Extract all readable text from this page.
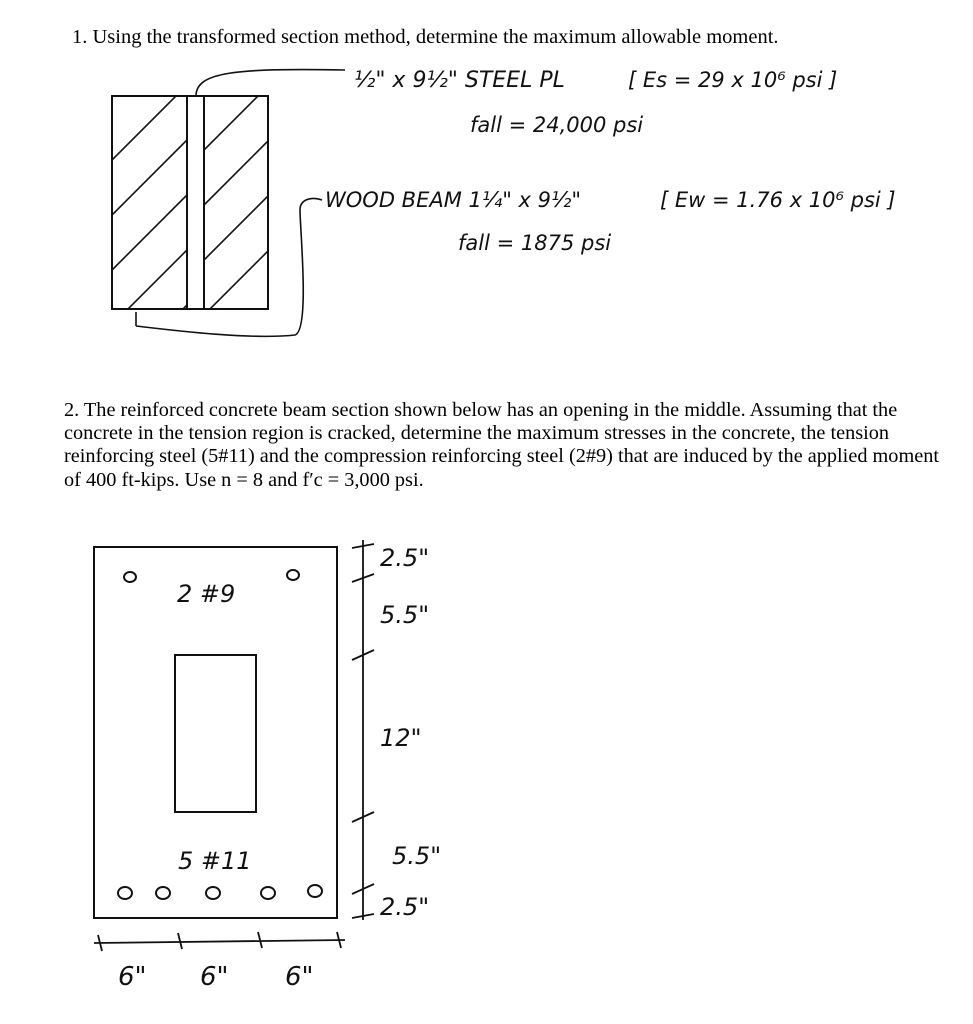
1. Using the transformed section method, determine the maximum allowable moment.
½" x 9½" STEEL PL	[ Es = 29 x 10⁶ psi ]
fall = 24,000 psi
WOOD BEAM 1¼" x 9½"	[ Ew = 1.76 x 10⁶ psi ]
fall = 1875 psi
2. The reinforced concrete beam section shown below has an opening in the middle. Assuming that the concrete in the tension region is cracked, determine the maximum stresses in the concrete, the tension reinforcing steel (5#11) and the compression reinforcing steel (2#9) that are induced by the applied moment of 400 ft-kips. Use n = 8 and f′c = 3,000 psi.
2 #9
5 #11
2.5"
5.5"
12"
5.5"
2.5"
6" 6" 6"
